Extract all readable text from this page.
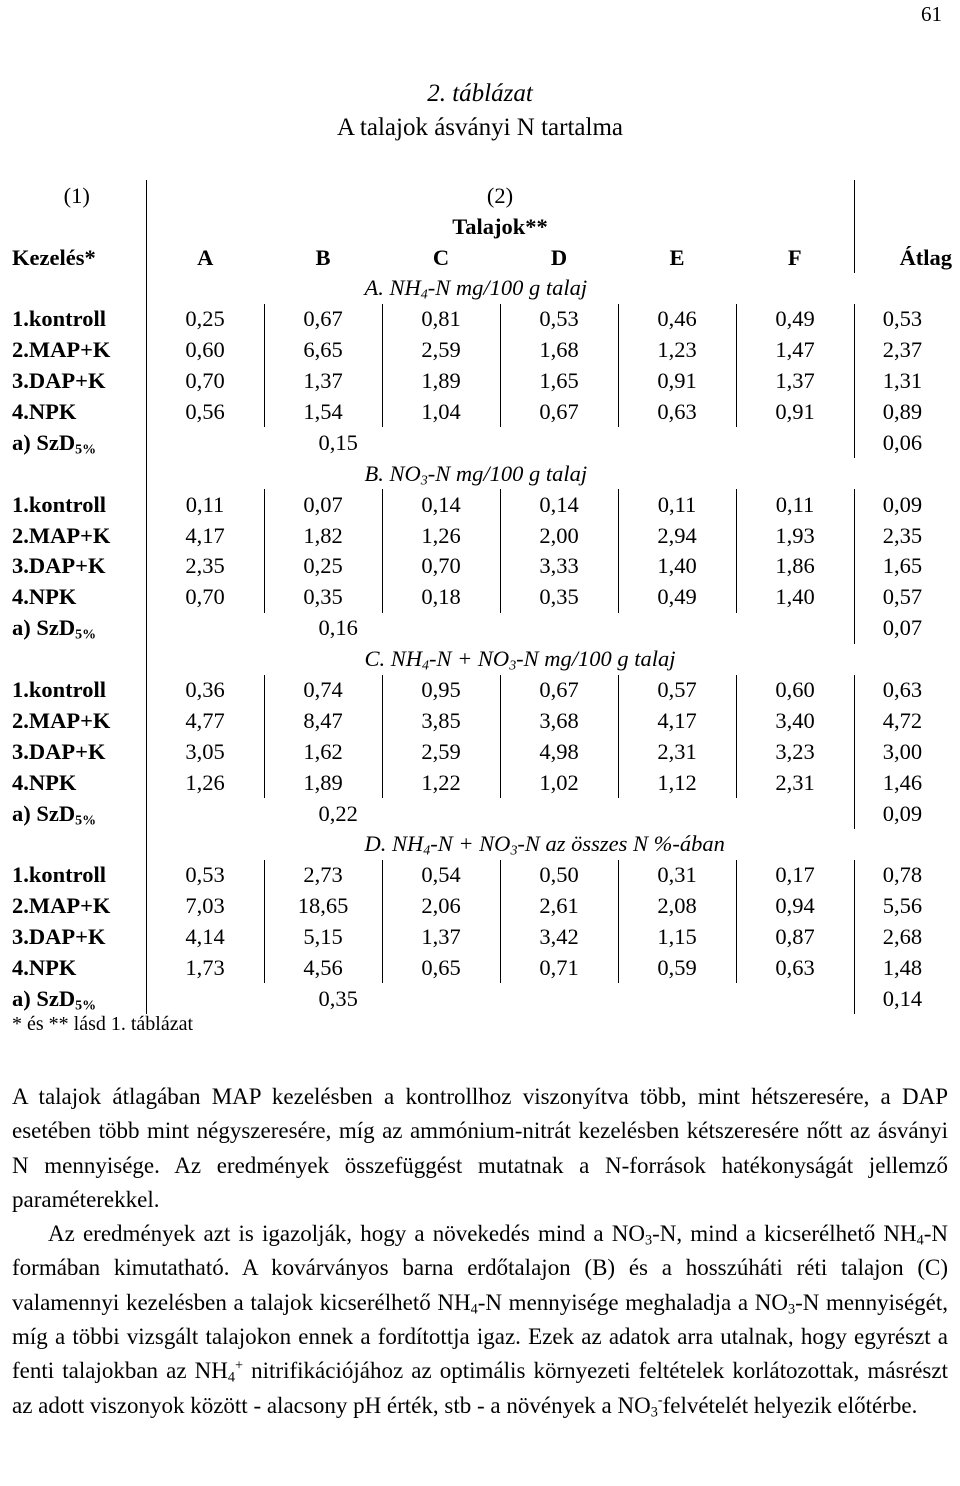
61
2. táblázat
A talajok ásványi N tartalma
(1)	(2)						
	Talajok**						
Kezelés*	A	B	C	D	E	F	Átlag
	A. $NH_4-N$ mg/100 g talaj						
1.kontroll	0,25	0,67	0,81	0,53	0,46	0,49	0,53
2.MAP+K	0,60	6,65	2,59	1,68	1,23	1,47	2,37
3.DAP+K	0,70	1,37	1,89	1,65	0,91	1,37	1,31
4.NPK	0,56	1,54	1,04	0,67	0,63	0,91	0,89
a) SzD$_{5\%}$	0,15						0,06
	B. $NO_3-N$ mg/100 g talaj						
1.kontroll	0,11	0,07	0,14	0,14	0,11	0,11	0,09
2.MAP+K	4,17	1,82	1,26	2,00	2,94	1,93	2,35
3.DAP+K	2,35	0,25	0,70	3,33	1,40	1,86	1,65
4.NPK	0,70	0,35	0,18	0,35	0,49	1,40	0,57
a) SzD$_{5\%}$	0,16						0,07
	C. $NH_4-N + NO_3-N$ mg/100 g talaj						
1.kontroll	0,36	0,74	0,95	0,67	0,57	0,60	0,63
2.MAP+K	4,77	8,47	3,85	3,68	4,17	3,40	4,72
3.DAP+K	3,05	1,62	2,59	4,98	2,31	3,23	3,00
4.NPK	1,26	1,89	1,22	1,02	1,12	2,31	1,46
a) SzD$_{5\%}$	0,22						0,09
	D. $NH_4-N + NO_3-N$ az összes N %-ában						
1.kontroll	0,53	2,73	0,54	0,50	0,31	0,17	0,78
2.MAP+K	7,03	18,65	2,06	2,61	2,08	0,94	5,56
3.DAP+K	4,14	5,15	1,37	3,42	1,15	0,87	2,68
4.NPK	1,73	4,56	0,65	0,71	0,59	0,63	1,48
a) SzD$_{5\%}$	0,35						0,14
* és ** lásd 1. táblázat

A talajok átlagában MAP kezelésben a kontrollhoz viszonyítva több, mint hétszeresére, a DAP esetében több mint négyszeresére, míg az ammónium-nitrát kezelésben kétszeresére nőtt az ásványi N mennyisége. Az eredmények összefüggést mutatnak a N-források hatékonyságát jellemző paraméterekkel.

Az eredmények azt is igazolják, hogy a növekedés mind a $NO_3-N$, mind a kicserélhető $NH_4-N$ formában kimutatható. A kovárványos barna erdőtalajon (B) és a hosszúháti réti talajon (C) valamennyi kezelésben a talajok kicserélhető $NH_4-N$ mennyisége meghaladja a $NO_3-N$ mennyiségét, míg a többi vizsgált talajokon ennek a fordítottja igaz. Ezek az adatok arra utalnak, hogy egyrészt a fenti talajokban az $NH_4^+$ nitrifikációjához az optimális környezeti feltételek korlátozottak, másrészt az adott viszonyok között - alacsony pH érték, stb - a növények a $NO_3^-felvételét$ helyezik előtérbe.
